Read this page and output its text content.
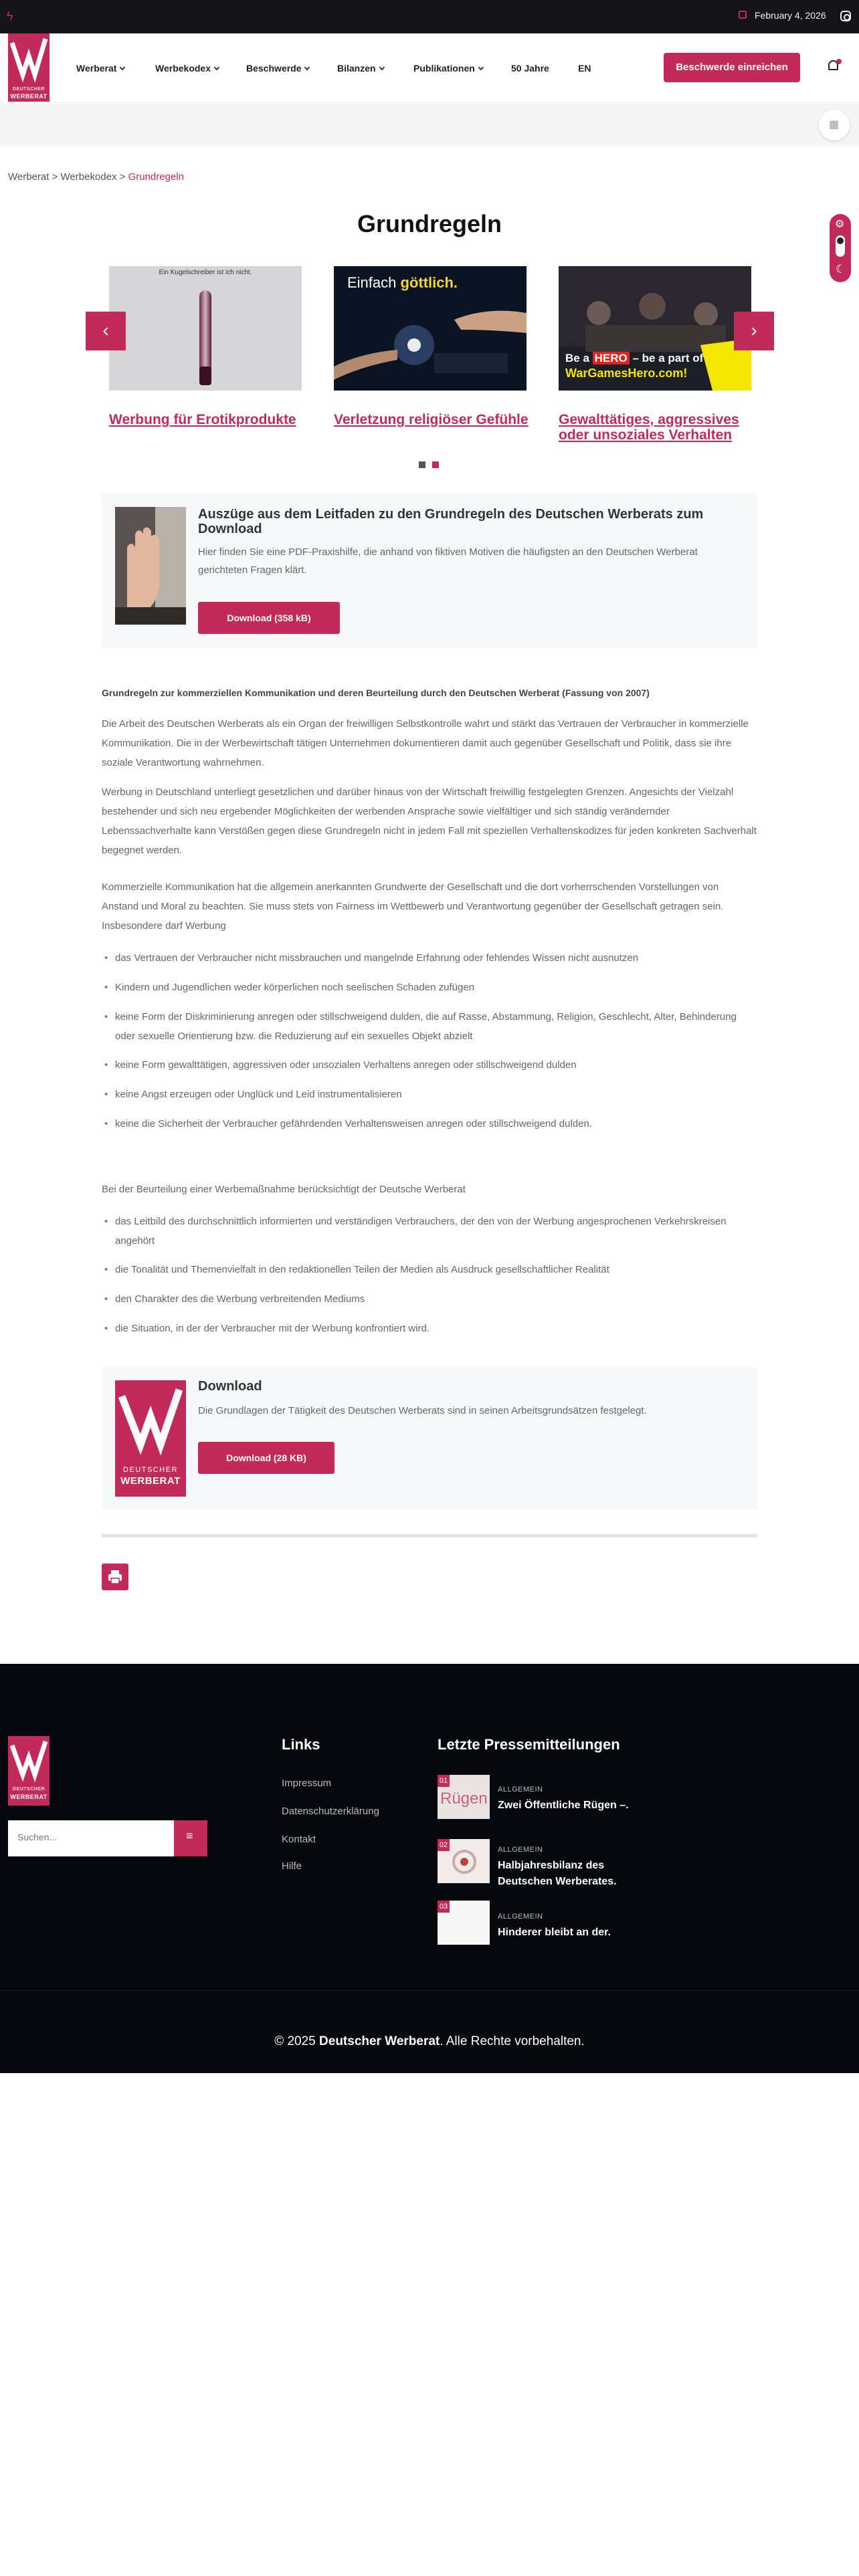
ϟ	February 4, 2026
DEUTSCHER
WERBERAT
Werberat	Werbekodex	Beschwerde	Bilanzen	Publikationen	50 Jahre	EN	Beschwerde einreichen
▦
Werberat > Werbekodex > Grundregeln
Grundregeln	⚙
☾
Ein Kugelschreiber ist ich nicht.
Einfach göttlich.
Be a HERO – be a part of
WarGamesHero.com!
Werbung für Erotikprodukte	Verletzung religiöser Gefühle	Gewalttätiges, aggressives oder unsoziales Verhalten
‹	›
Auszüge aus dem Leitfaden zu den Grundregeln des Deutschen Werberats zum Download

Hier finden Sie eine PDF-Praxishilfe, die anhand von fiktiven Motiven die häufigsten an den Deutschen Werberat gerichteten Fragen klärt.

Download (358 kB)
Grundregeln zur kommerziellen Kommunikation und deren Beurteilung durch den Deutschen Werberat (Fassung von 2007)
Die Arbeit des Deutschen Werberats als ein Organ der freiwilligen Selbstkontrolle wahrt und stärkt das Vertrauen der Verbraucher in kommerzielle Kommunikation. Die in der Werbewirtschaft tätigen Unternehmen dokumentieren damit auch gegenüber Gesellschaft und Politik, dass sie ihre soziale Verantwortung wahrnehmen.
Werbung in Deutschland unterliegt gesetzlichen und darüber hinaus von der Wirtschaft freiwillig festgelegten Grenzen. Angesichts der Vielzahl bestehender und sich neu ergebender Möglichkeiten der werbenden Ansprache sowie vielfältiger und sich ständig verändernder Lebenssachverhalte kann Verstößen gegen diese Grundregeln nicht in jedem Fall mit speziellen Verhaltenskodizes für jeden konkreten Sachverhalt begegnet werden.
Kommerzielle Kommunikation hat die allgemein anerkannten Grundwerte der Gesellschaft und die dort vorherrschenden Vorstellungen von Anstand und Moral zu beachten. Sie muss stets von Fairness im Wettbewerb und Verantwortung gegenüber der Gesellschaft getragen sein. Insbesondere darf Werbung
• das Vertrauen der Verbraucher nicht missbrauchen und mangelnde Erfahrung oder fehlendes Wissen nicht ausnutzen
• Kindern und Jugendlichen weder körperlichen noch seelischen Schaden zufügen
• keine Form der Diskriminierung anregen oder stillschweigend dulden, die auf Rasse, Abstammung, Religion, Geschlecht, Alter, Behinderung oder sexuelle Orientierung bzw. die Reduzierung auf ein sexuelles Objekt abzielt
• keine Form gewalttätigen, aggressiven oder unsozialen Verhaltens anregen oder stillschweigend dulden
• keine Angst erzeugen oder Unglück und Leid instrumentalisieren
• keine die Sicherheit der Verbraucher gefährdenden Verhaltensweisen anregen oder stillschweigend dulden.
Bei der Beurteilung einer Werbemaßnahme berücksichtigt der Deutsche Werberat
• das Leitbild des durchschnittlich informierten und verständigen Verbrauchers, der den von der Werbung angesprochenen Verkehrskreisen angehört
• die Tonalität und Themenvielfalt in den redaktionellen Teilen der Medien als Ausdruck gesellschaftlicher Realität
• den Charakter des die Werbung verbreitenden Mediums
• die Situation, in der der Verbraucher mit der Werbung konfrontiert wird.
DEUTSCHER
WERBERAT
Download

Die Grundlagen der Tätigkeit des Deutschen Werberats sind in seinen Arbeitsgrundsätzen festgelegt.

Download (28 KB)
DEUTSCHER
WERBERAT
Suchen...
≡
Links
Impressum
Datenschutzerklärung
Kontakt
Hilfe
Letzte Pressemitteilungen
Rügen
01
ALLGEMEIN
Zwei Öffentliche Rügen –.
02
ALLGEMEIN
Halbjahresbilanz des Deutschen Werberates.
03
ALLGEMEIN
Hinderer bleibt an der.
© 2025 Deutscher Werberat. Alle Rechte vorbehalten.
